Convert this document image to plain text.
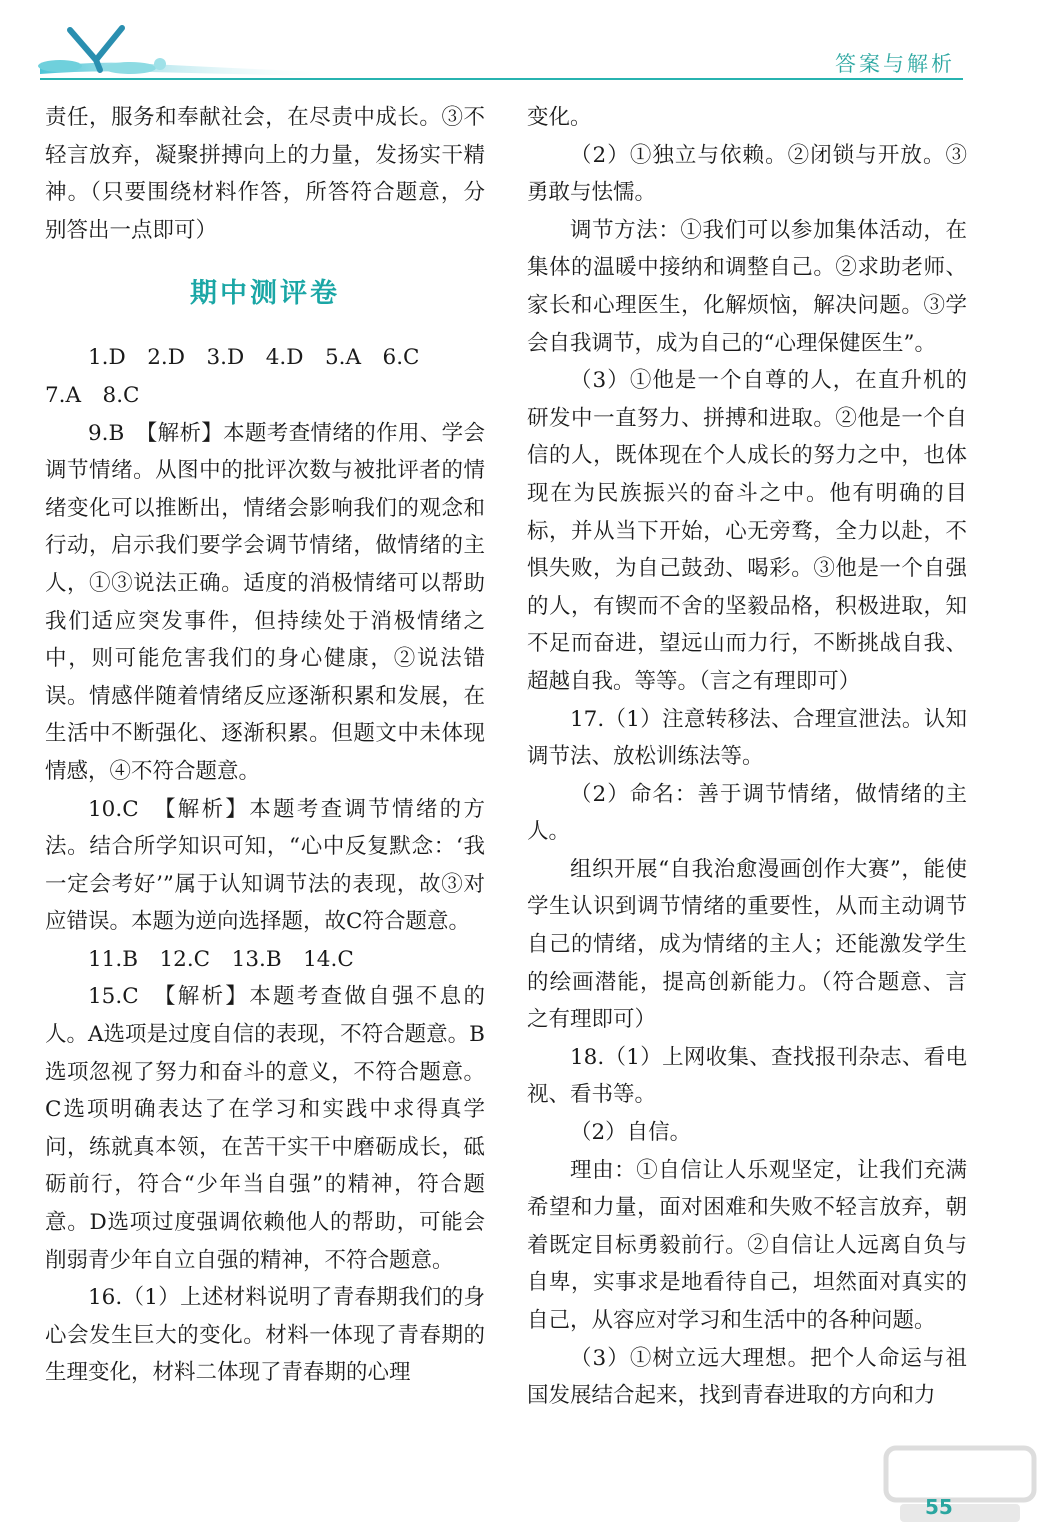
答案与解析

责任，服务和奉献社会，在尽责中成长。③不轻言放弃，凝聚拼搏向上的力量，发扬实干精神。（只要围绕材料作答，所答符合题意，分别答出一点即可）

期中测评卷

1.D　2.D　3.D　4.D　5.A　6.C

7.A　8.C

9.B　【解析】本题考查情绪的作用、学会调节情绪。从图中的批评次数与被批评者的情绪变化可以推断出，情绪会影响我们的观念和行动，启示我们要学会调节情绪，做情绪的主人，①③说法正确。适度的消极情绪可以帮助我们适应突发事件，但持续处于消极情绪之中，则可能危害我们的身心健康，②说法错误。情感伴随着情绪反应逐渐积累和发展，在生活中不断强化、逐渐积累。但题文中未体现情感，④不符合题意。

10.C　【解析】本题考查调节情绪的方法。结合所学知识可知，“心中反复默念：‘我一定会考好’”属于认知调节法的表现，故③对应错误。本题为逆向选择题，故C符合题意。

11.B　12.C　13.B　14.C

15.C　【解析】本题考查做自强不息的人。A选项是过度自信的表现，不符合题意。B选项忽视了努力和奋斗的意义，不符合题意。C选项明确表达了在学习和实践中求得真学问，练就真本领，在苦干实干中磨砺成长，砥砺前行，符合“少年当自强”的精神，符合题意。D选项过度强调依赖他人的帮助，可能会削弱青少年自立自强的精神，不符合题意。

16.（1）上述材料说明了青春期我们的身心会发生巨大的变化。材料一体现了青春期的生理变化，材料二体现了青春期的心理

变化。

（2）①独立与依赖。②闭锁与开放。③勇敢与怯懦。

调节方法：①我们可以参加集体活动，在集体的温暖中接纳和调整自己。②求助老师、家长和心理医生，化解烦恼，解决问题。③学会自我调节，成为自己的“心理保健医生”。

（3）①他是一个自尊的人，在直升机的研发中一直努力、拼搏和进取。②他是一个自信的人，既体现在个人成长的努力之中，也体现在为民族振兴的奋斗之中。他有明确的目标，并从当下开始，心无旁骛，全力以赴，不惧失败，为自己鼓劲、喝彩。③他是一个自强的人，有锲而不舍的坚毅品格，积极进取，知不足而奋进，望远山而力行，不断挑战自我、超越自我。等等。（言之有理即可）

17.（1）注意转移法、合理宣泄法。认知调节法、放松训练法等。

（2）命名：善于调节情绪，做情绪的主人。

组织开展“自我治愈漫画创作大赛”，能使学生认识到调节情绪的重要性，从而主动调节自己的情绪，成为情绪的主人；还能激发学生的绘画潜能，提高创新能力。（符合题意、言之有理即可）

18.（1）上网收集、查找报刊杂志、看电视、看书等。

（2）自信。

理由：①自信让人乐观坚定，让我们充满希望和力量，面对困难和失败不轻言放弃，朝着既定目标勇毅前行。②自信让人远离自负与自卑，实事求是地看待自己，坦然面对真实的自己，从容应对学习和生活中的各种问题。

（3）①树立远大理想。把个人命运与祖国发展结合起来，找到青春进取的方向和力

55
